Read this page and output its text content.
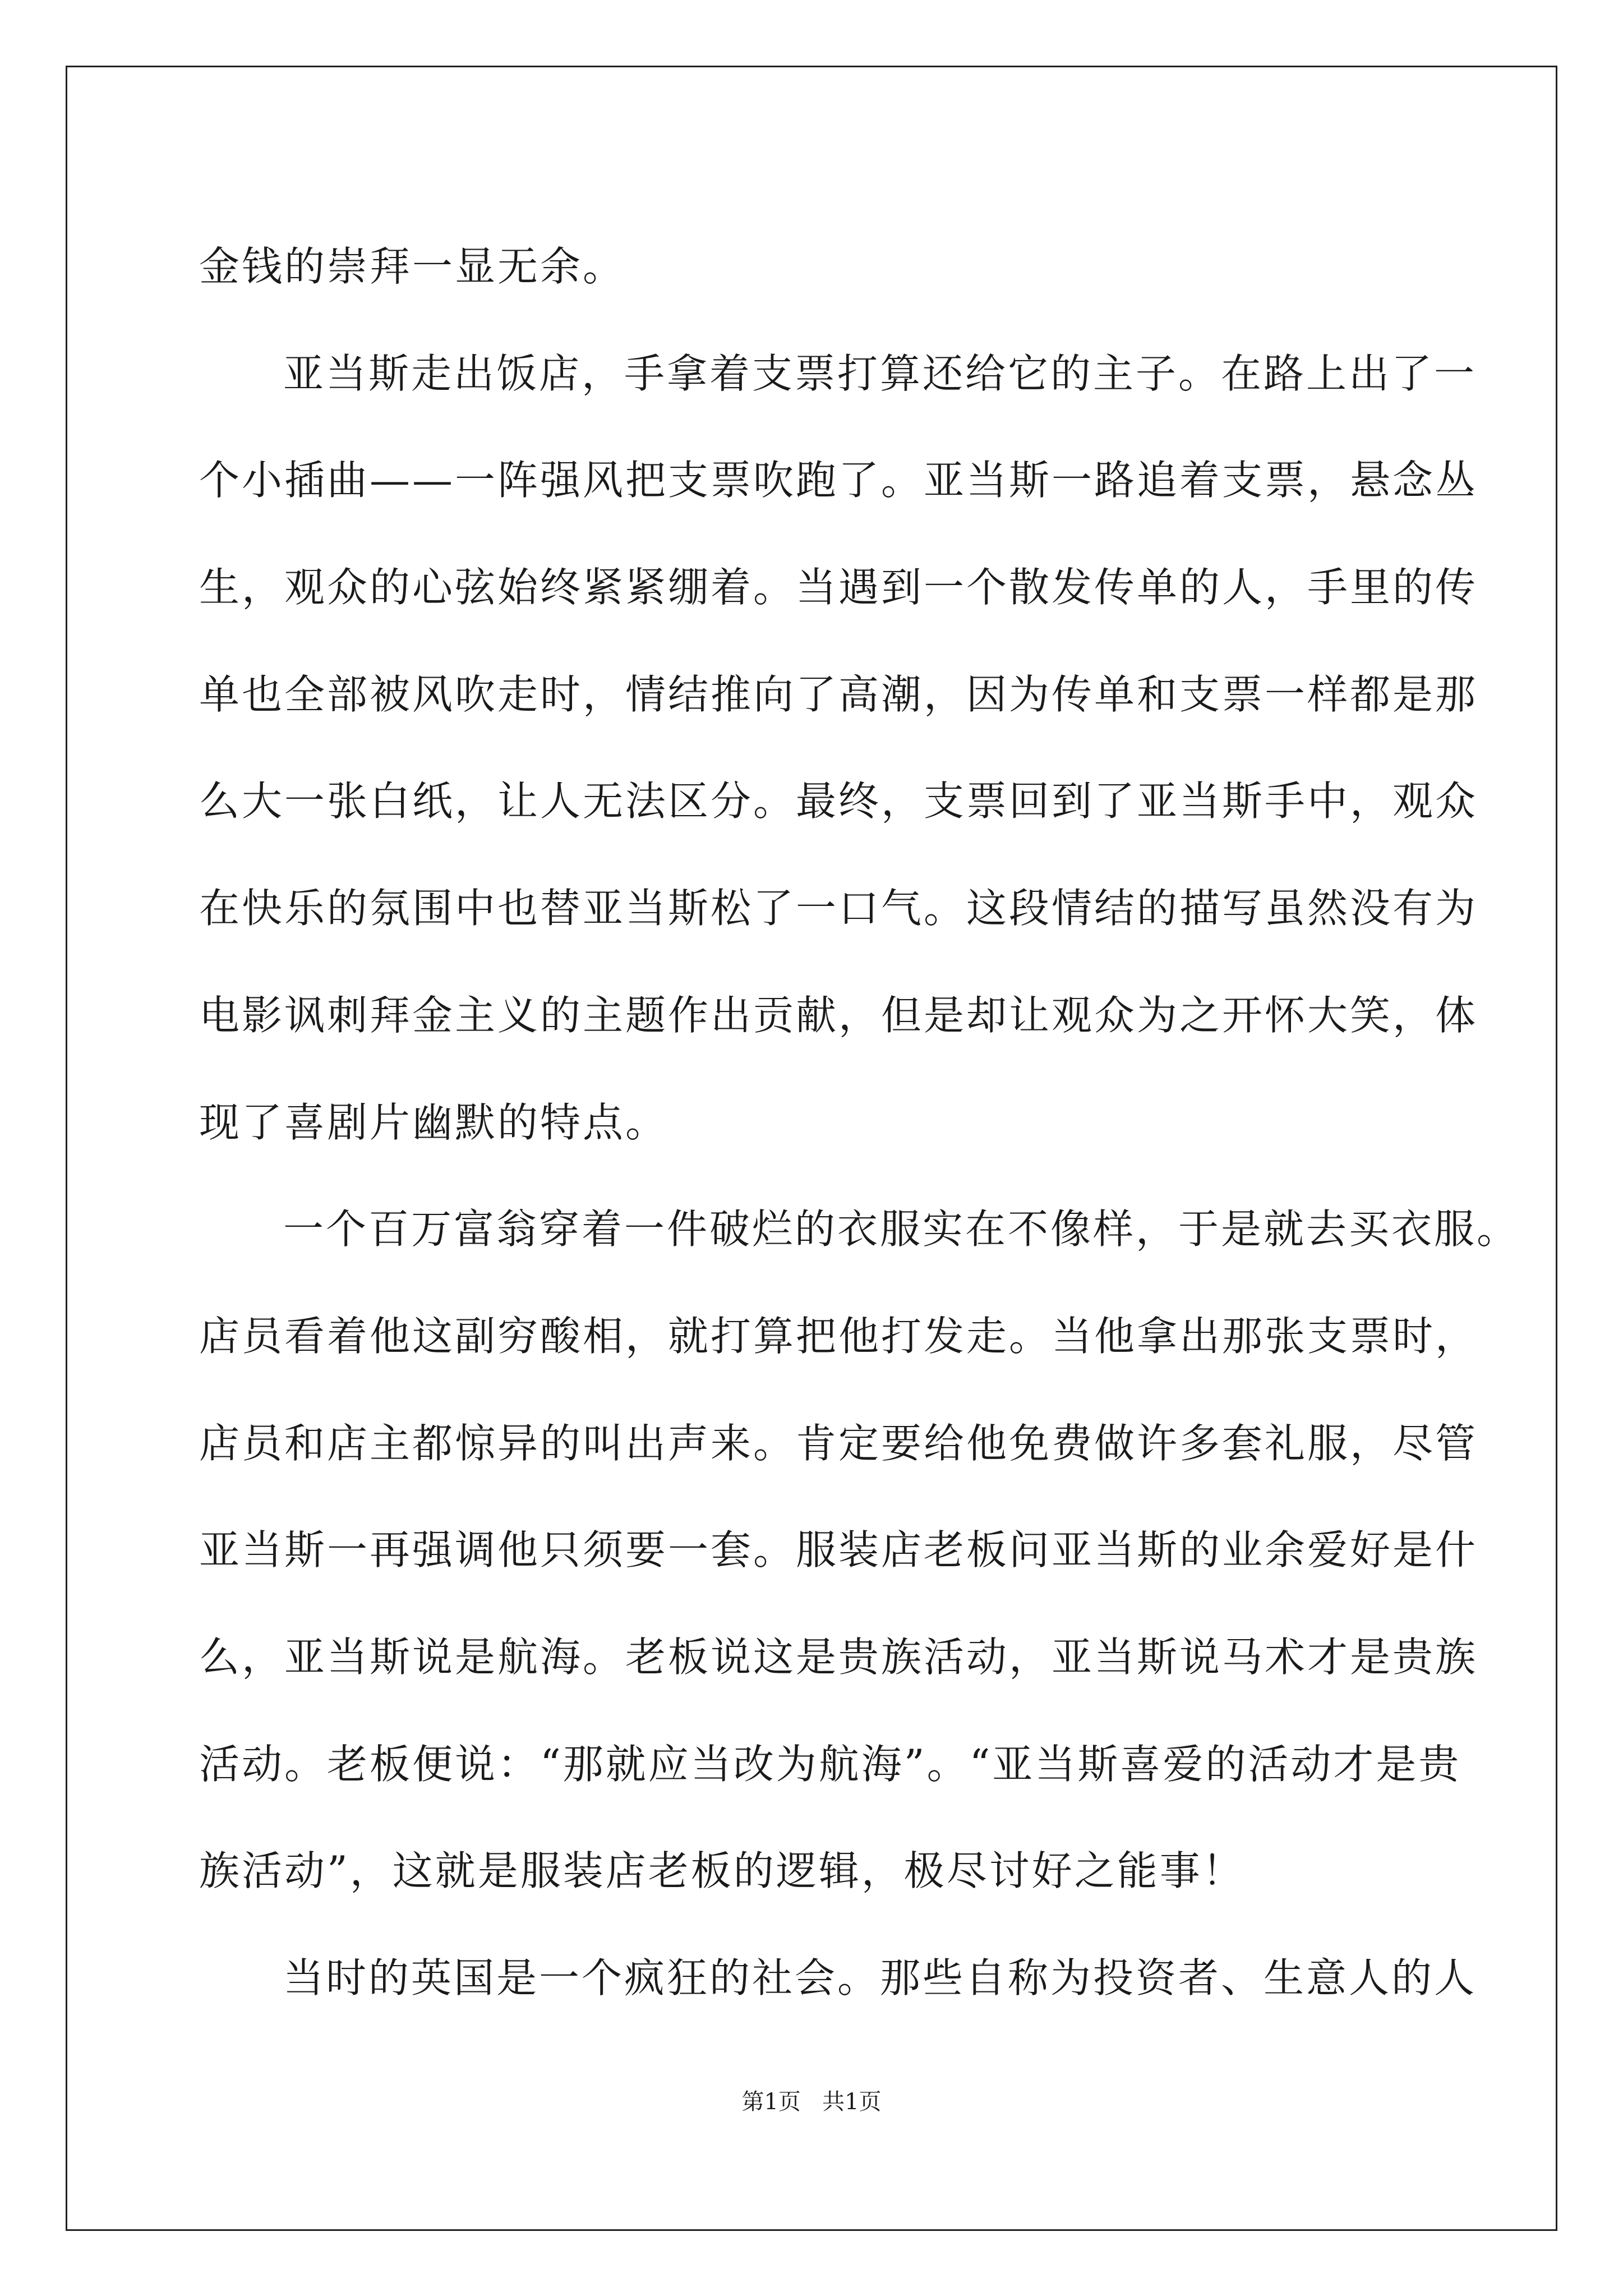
金钱的崇拜一显无余。
亚当斯走出饭店，手拿着支票打算还给它的主子。在路上出了一
个小插曲——一阵强风把支票吹跑了。亚当斯一路追着支票，悬念丛
生，观众的心弦始终紧紧绷着。当遇到一个散发传单的人，手里的传
单也全部被风吹走时，情结推向了高潮，因为传单和支票一样都是那
么大一张白纸，让人无法区分。最终，支票回到了亚当斯手中，观众
在快乐的氛围中也替亚当斯松了一口气。这段情结的描写虽然没有为
电影讽刺拜金主义的主题作出贡献，但是却让观众为之开怀大笑，体
现了喜剧片幽默的特点。
一个百万富翁穿着一件破烂的衣服实在不像样，于是就去买衣服。
店员看着他这副穷酸相，就打算把他打发走。当他拿出那张支票时，
店员和店主都惊异的叫出声来。肯定要给他免费做许多套礼服，尽管
亚当斯一再强调他只须要一套。服装店老板问亚当斯的业余爱好是什
么，亚当斯说是航海。老板说这是贵族活动，亚当斯说马术才是贵族
活动。老板便说：“那就应当改为航海”。“亚当斯喜爱的活动才是贵
族活动”，这就是服装店老板的逻辑，极尽讨好之能事！
当时的英国是一个疯狂的社会。那些自称为投资者、生意人的人
第1页 共1页
